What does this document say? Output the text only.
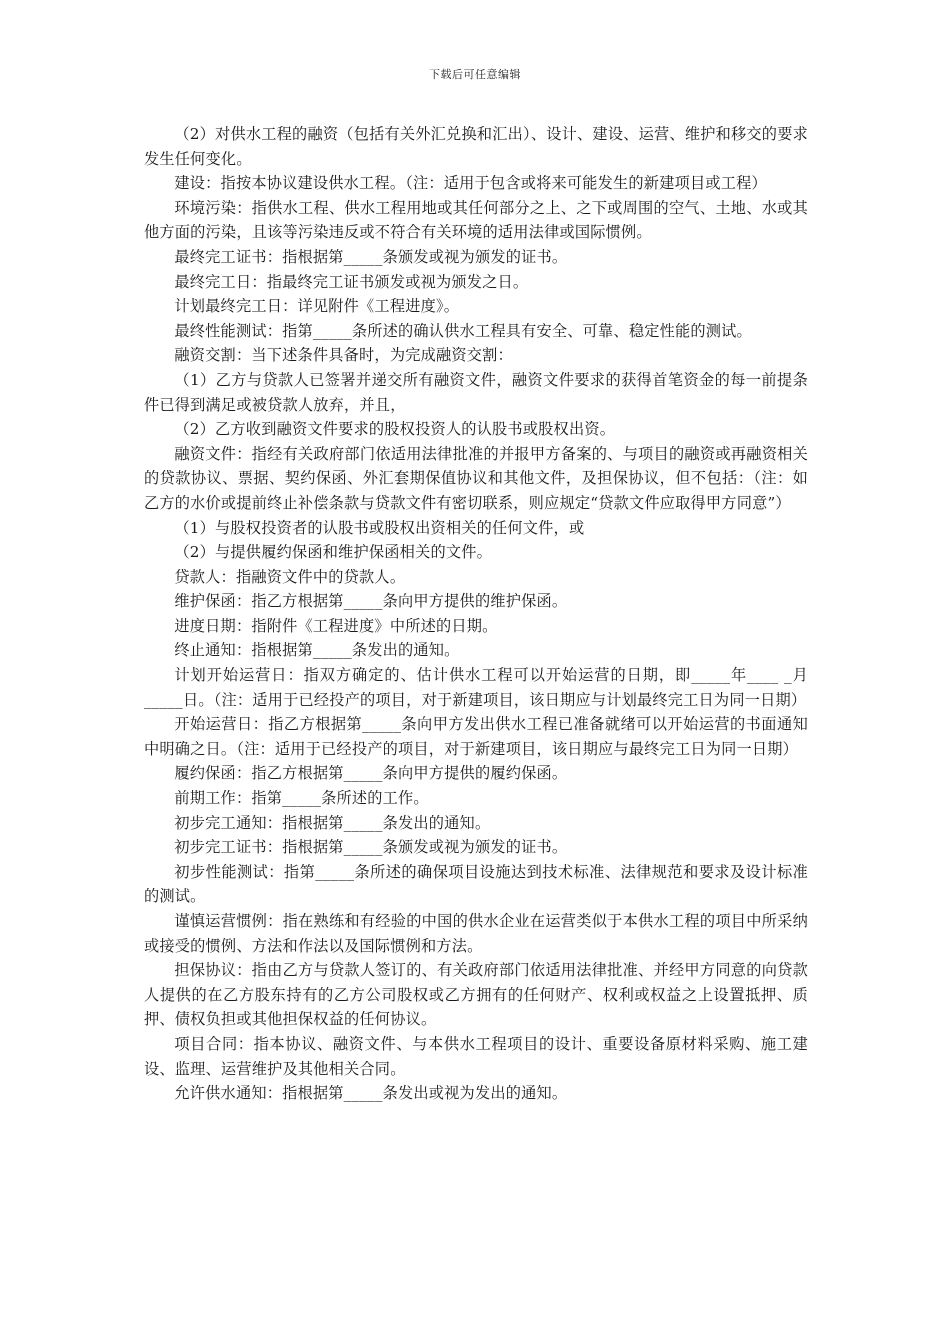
下载后可任意编辑

（2）对供水工程的融资（包括有关外汇兑换和汇出）、设计、建设、运营、维护和移交的要求发生任何变化。

建设：指按本协议建设供水工程。（注：适用于包含或将来可能发生的新建项目或工程）

环境污染：指供水工程、供水工程用地或其任何部分之上、之下或周围的空气、土地、水或其他方面的污染，且该等污染违反或不符合有关环境的适用法律或国际惯例。

最终完工证书：指根据第_____条颁发或视为颁发的证书。

最终完工日：指最终完工证书颁发或视为颁发之日。

计划最终完工日：详见附件《工程进度》。

最终性能测试：指第_____条所述的确认供水工程具有安全、可靠、稳定性能的测试。

融资交割：当下述条件具备时，为完成融资交割：

（1）乙方与贷款人已签署并递交所有融资文件，融资文件要求的获得首笔资金的每一前提条件已得到满足或被贷款人放弃，并且，

（2）乙方收到融资文件要求的股权投资人的认股书或股权出资。

融资文件：指经有关政府部门依适用法律批准的并报甲方备案的、与项目的融资或再融资相关的贷款协议、票据、契约保函、外汇套期保值协议和其他文件，及担保协议，但不包括：（注：如乙方的水价或提前终止补偿条款与贷款文件有密切联系，则应规定“贷款文件应取得甲方同意”）

（1）与股权投资者的认股书或股权出资相关的任何文件，或

（2）与提供履约保函和维护保函相关的文件。

贷款人：指融资文件中的贷款人。

维护保函：指乙方根据第_____条向甲方提供的维护保函。

进度日期：指附件《工程进度》中所述的日期。

终止通知：指根据第_____条发出的通知。

计划开始运营日：指双方确定的、估计供水工程可以开始运营的日期，即_____年____ _月_____日。（注：适用于已经投产的项目，对于新建项目，该日期应与计划最终完工日为同一日期）

开始运营日：指乙方根据第_____条向甲方发出供水工程已准备就绪可以开始运营的书面通知中明确之日。（注：适用于已经投产的项目，对于新建项目，该日期应与最终完工日为同一日期）

履约保函：指乙方根据第_____条向甲方提供的履约保函。

前期工作：指第_____条所述的工作。

初步完工通知：指根据第_____条发出的通知。

初步完工证书：指根据第_____条颁发或视为颁发的证书。

初步性能测试：指第_____条所述的确保项目设施达到技术标准、法律规范和要求及设计标准的测试。

谨慎运营惯例：指在熟练和有经验的中国的供水企业在运营类似于本供水工程的项目中所采纳或接受的惯例、方法和作法以及国际惯例和方法。

担保协议：指由乙方与贷款人签订的、有关政府部门依适用法律批准、并经甲方同意的向贷款人提供的在乙方股东持有的乙方公司股权或乙方拥有的任何财产、权利或权益之上设置抵押、质押、债权负担或其他担保权益的任何协议。

项目合同：指本协议、融资文件、与本供水工程项目的设计、重要设备原材料采购、施工建设、监理、运营维护及其他相关合同。

允许供水通知：指根据第_____条发出或视为发出的通知。
